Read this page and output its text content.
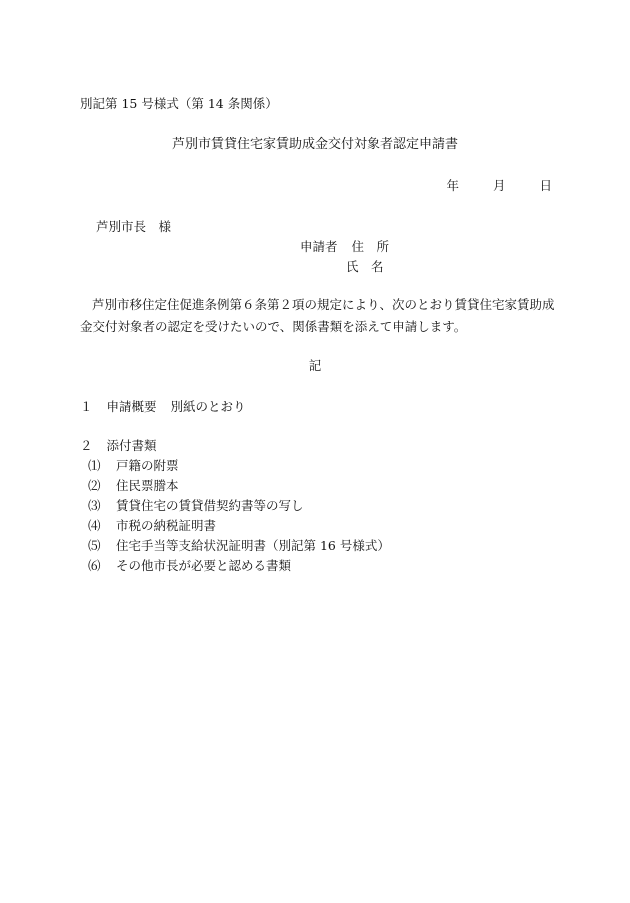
別記第 15 号様式（第 14 条関係）
芦別市賃貸住宅家賃助成金交付対象者認定申請書
年	月	日
芦別市長　様
申請者 住　所
氏　名
芦別市移住定住促進条例第６条第２項の規定により、次のとおり賃貸住宅家賃助成
金交付対象者の認定を受けたいので、関係書類を添えて申請します。
記
１ 申請概要 別紙のとおり
２ 添付書類
⑴ 戸籍の附票
⑵ 住民票謄本
⑶ 賃貸住宅の賃貸借契約書等の写し
⑷ 市税の納税証明書
⑸ 住宅手当等支給状況証明書（別記第 16 号様式）
⑹ その他市長が必要と認める書類
